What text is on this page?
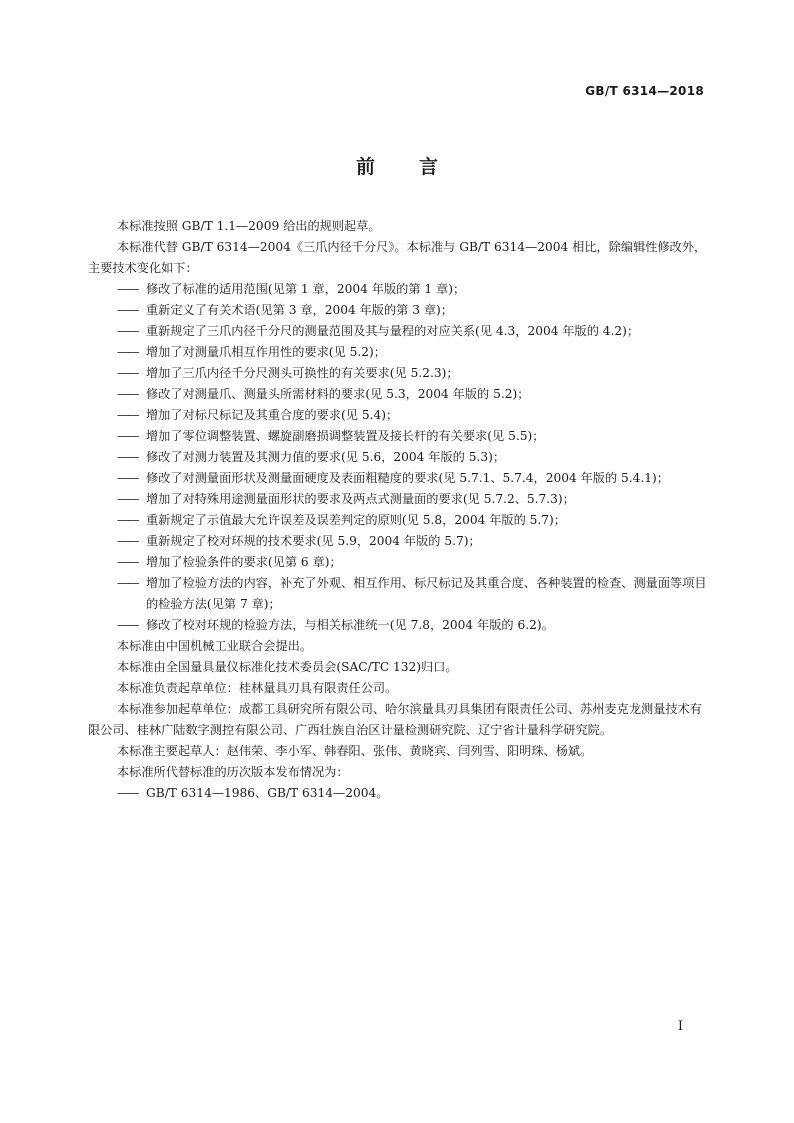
GB/T 6314—2018
前 言

本标准按照 GB/T 1.1—2009 给出的规则起草。

本标准代替 GB/T 6314—2004《三爪内径千分尺》。本标准与 GB/T 6314—2004 相比，除编辑性修改外，主要技术变化如下：

—— 修改了标准的适用范围(见第 1 章，2004 年版的第 1 章)；

—— 重新定义了有关术语(见第 3 章，2004 年版的第 3 章)；

—— 重新规定了三爪内径千分尺的测量范围及其与量程的对应关系(见 4.3，2004 年版的 4.2)；

—— 增加了对测量爪相互作用性的要求(见 5.2)；

—— 增加了三爪内径千分尺测头可换性的有关要求(见 5.2.3)；

—— 修改了对测量爪、测量头所需材料的要求(见 5.3，2004 年版的 5.2)；

—— 增加了对标尺标记及其重合度的要求(见 5.4)；

—— 增加了零位调整装置、螺旋副磨损调整装置及接长杆的有关要求(见 5.5)；

—— 修改了对测力装置及其测力值的要求(见 5.6，2004 年版的 5.3)；

—— 修改了对测量面形状及测量面硬度及表面粗糙度的要求(见 5.7.1、5.7.4，2004 年版的 5.4.1)；

—— 增加了对特殊用途测量面形状的要求及两点式测量面的要求(见 5.7.2、5.7.3)；

—— 重新规定了示值最大允许误差及误差判定的原则(见 5.8，2004 年版的 5.7)；

—— 重新规定了校对环规的技术要求(见 5.9，2004 年版的 5.7)；

—— 增加了检验条件的要求(见第 6 章)；

—— 增加了检验方法的内容，补充了外观、相互作用、标尺标记及其重合度、各种装置的检查、测量面等项目的检验方法(见第 7 章)；

—— 修改了校对环规的检验方法，与相关标准统一(见 7.8，2004 年版的 6.2)。

本标准由中国机械工业联合会提出。

本标准由全国量具量仪标准化技术委员会(SAC/TC 132)归口。

本标准负责起草单位：桂林量具刃具有限责任公司。

本标准参加起草单位：成都工具研究所有限公司、哈尔滨量具刃具集团有限责任公司、苏州麦克龙测量技术有限公司、桂林广陆数字测控有限公司、广西壮族自治区计量检测研究院、辽宁省计量科学研究院。

本标准主要起草人：赵伟荣、李小军、韩春阳、张伟、黄晓宾、闫列雪、阳明珠、杨斌。

本标准所代替标准的历次版本发布情况为：

—— GB/T 6314—1986、GB/T 6314—2004。

I
